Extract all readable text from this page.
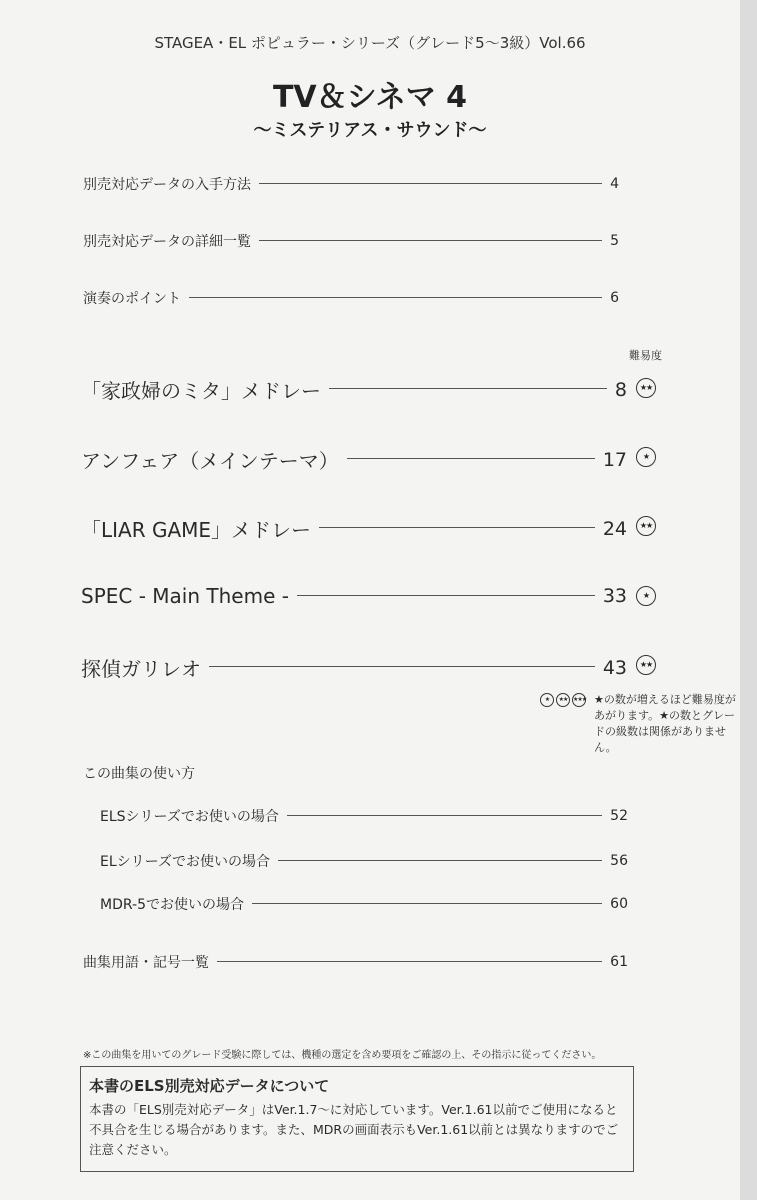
STAGEA・EL ポピュラー・シリーズ（グレード5〜3級）Vol.66
TV＆シネマ 4
〜ミステリアス・サウンド〜
別売対応データの入手方法	4
別売対応データの詳細一覧	5
演奏のポイント	6
難易度
「家政婦のミタ」メドレー	8	★★
アンフェア（メインテーマ）	17	★
「LIAR GAME」メドレー	24	★★
SPEC - Main Theme -	33	★
探偵ガリレオ	43	★★
★	★★ ★★★ ★の数が増えるほど難易度があがります。★の数とグレードの級数は関係がありません。
この曲集の使い方
ELSシリーズでお使いの場合	52
ELシリーズでお使いの場合	56
MDR-5でお使いの場合	60
曲集用語・記号一覧	61
※この曲集を用いてのグレード受験に際しては、機種の選定を含め要項をご確認の上、その指示に従ってください。
本書のELS別売対応データについて
本書の「ELS別売対応データ」はVer.1.7〜に対応しています。Ver.1.61以前でご使用になると不具合を生じる場合があります。また、MDRの画面表示もVer.1.61以前とは異なりますのでご注意ください。
